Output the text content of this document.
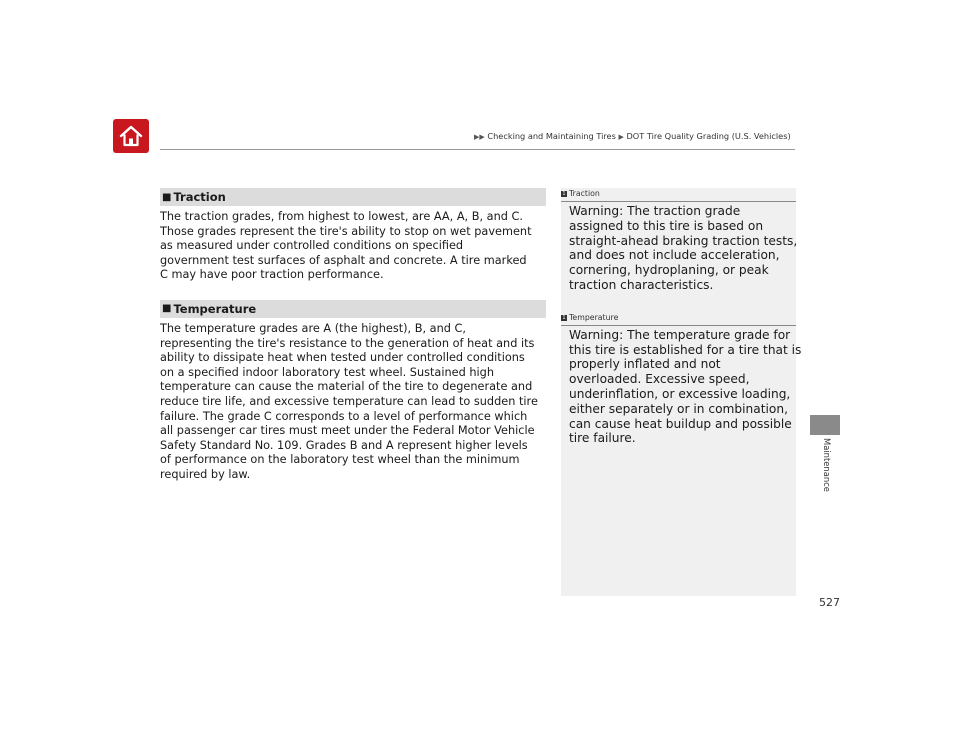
▶▶ Checking and Maintaining Tires ▶ DOT Tire Quality Grading (U.S. Vehicles)
Maintenance
■ Traction

The traction grades, from highest to lowest, are AA, A, B, and C.
Those grades represent the tire's ability to stop on wet pavement
as measured under controlled conditions on specified
government test surfaces of asphalt and concrete. A tire marked
C may have poor traction performance.

■ Temperature

The temperature grades are A (the highest), B, and C,
representing the tire's resistance to the generation of heat and its
ability to dissipate heat when tested under controlled conditions
on a specified indoor laboratory test wheel. Sustained high
temperature can cause the material of the tire to degenerate and
reduce tire life, and excessive temperature can lead to sudden tire
failure. The grade C corresponds to a level of performance which
all passenger car tires must meet under the Federal Motor Vehicle
Safety Standard No. 109. Grades B and A represent higher levels
of performance on the laboratory test wheel than the minimum
required by law.

1 Traction
Warning: The traction grade
assigned to this tire is based on
straight-ahead braking traction tests,
and does not include acceleration,
cornering, hydroplaning, or peak
traction characteristics.
1 Temperature
Warning: The temperature grade for
this tire is established for a tire that is
properly inflated and not
overloaded. Excessive speed,
underinflation, or excessive loading,
either separately or in combination,
can cause heat buildup and possible
tire failure.
527
